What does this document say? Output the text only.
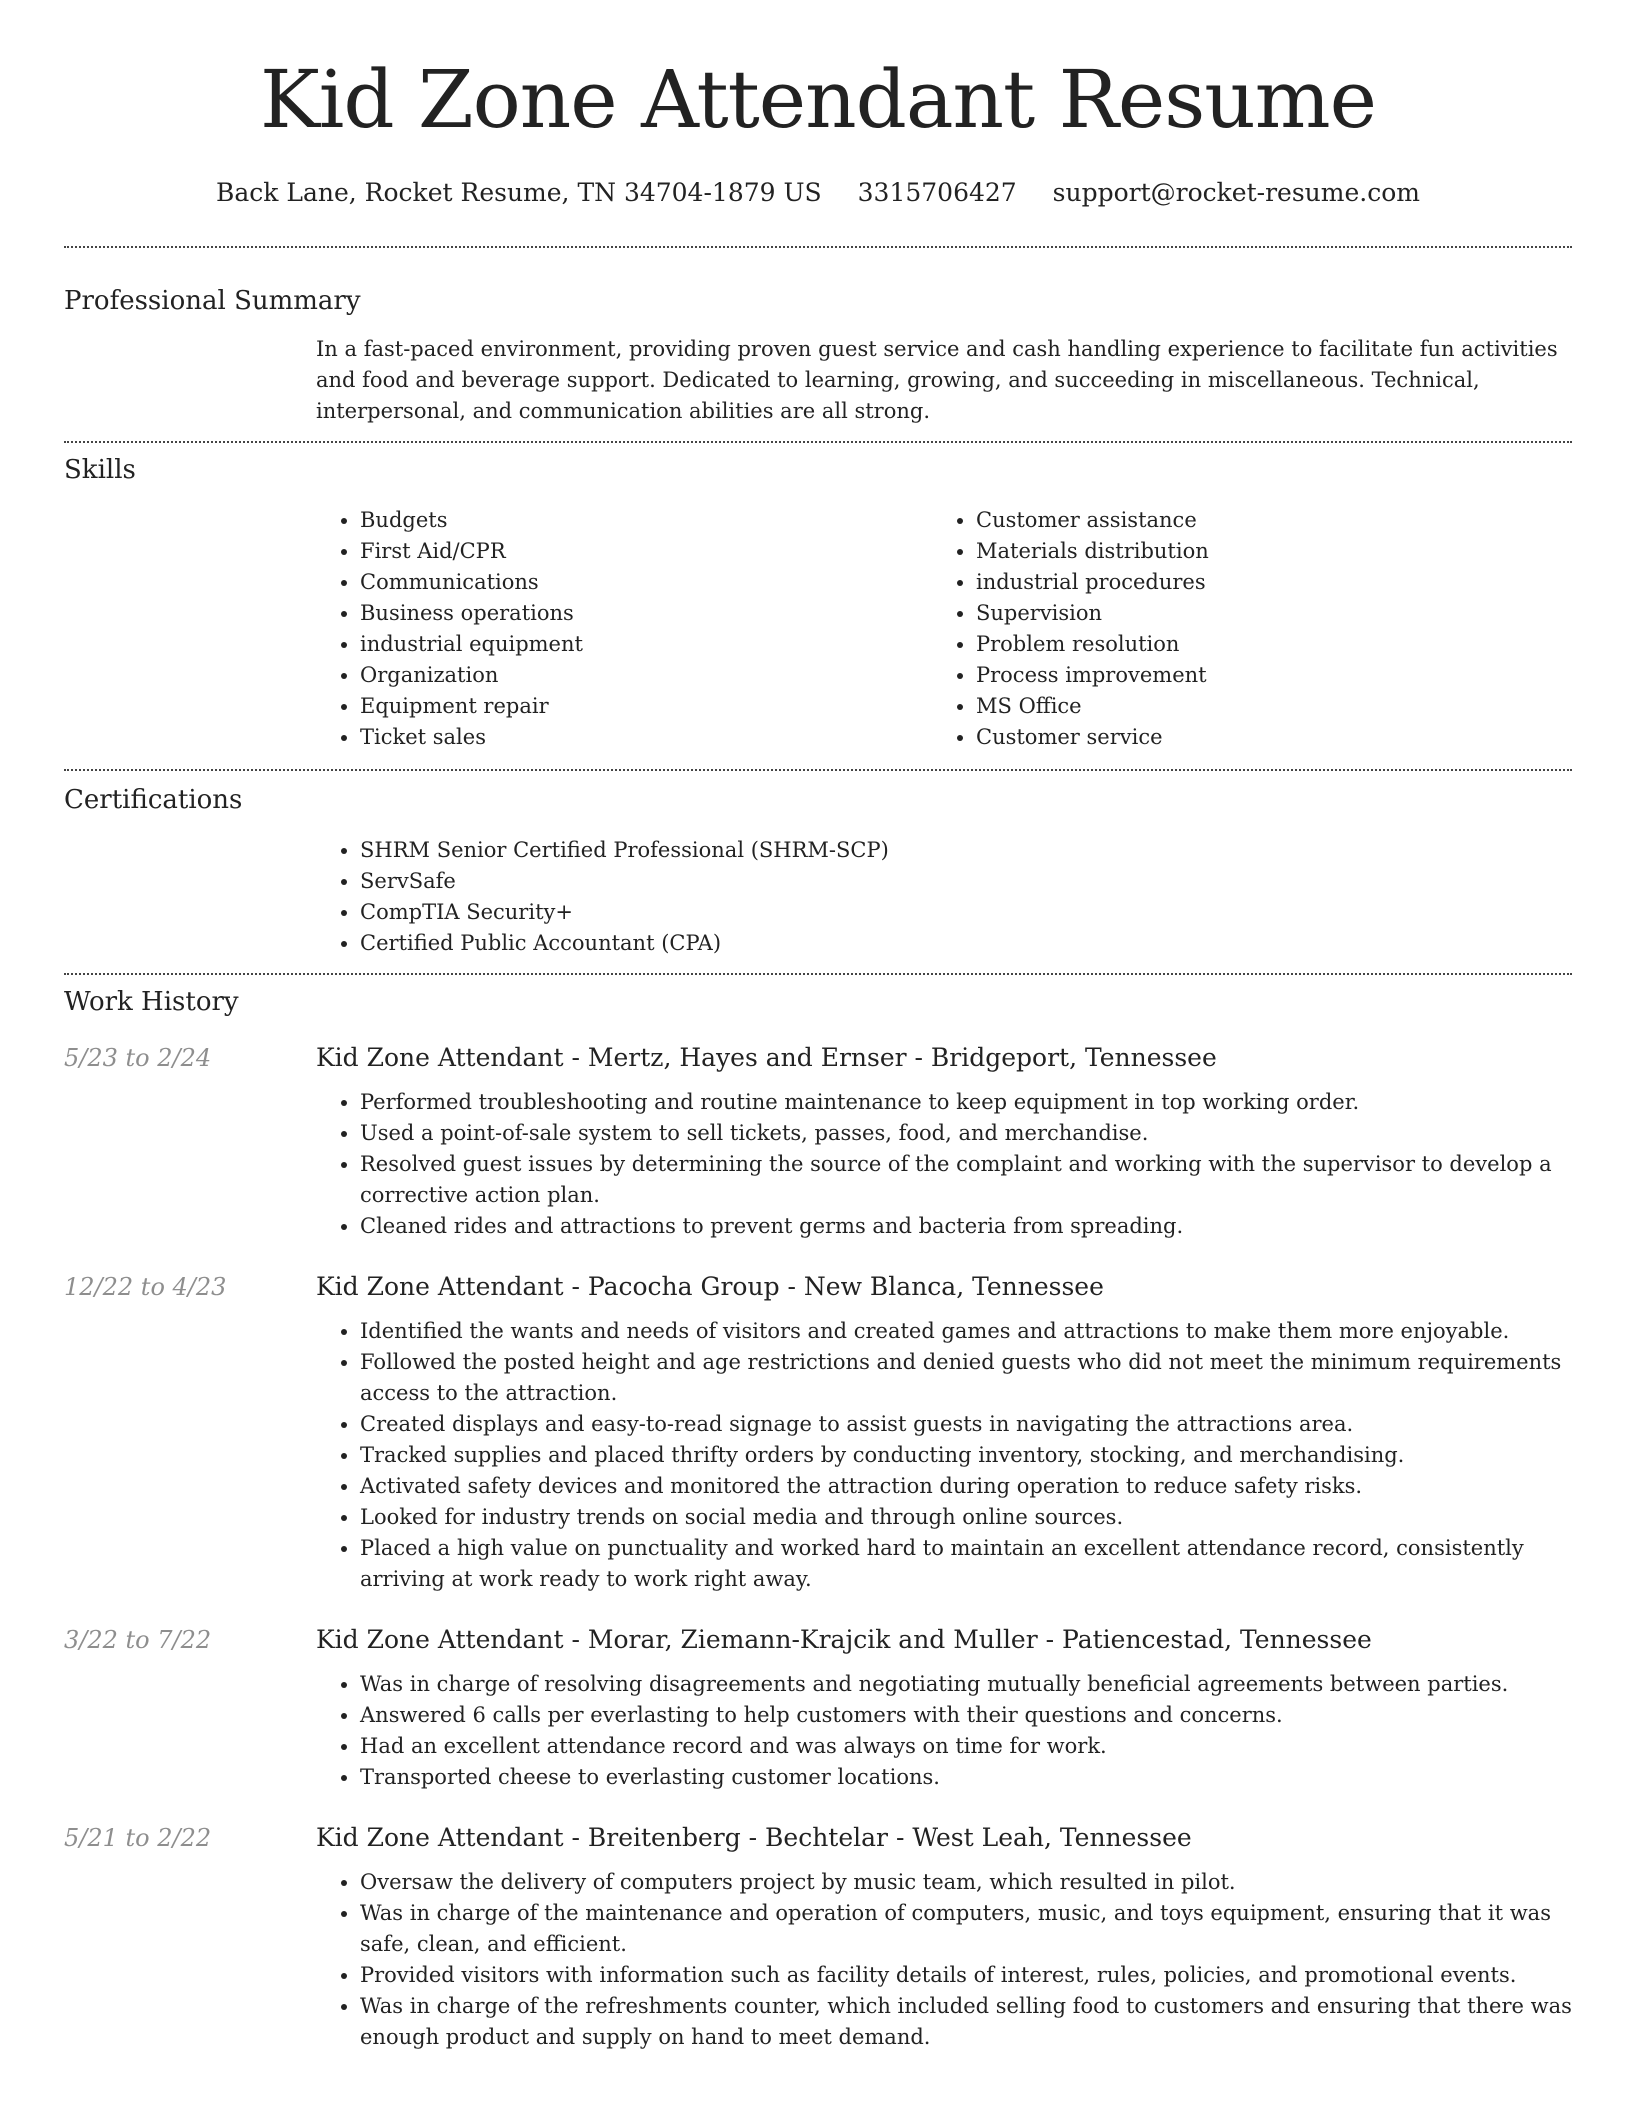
Kid Zone Attendant Resume
Back Lane, Rocket Resume, TN 34704-1879 US 3315706427 support@rocket-resume.com
Professional Summary

In a fast-paced environment, providing proven guest service and cash handling experience to facilitate fun activities and food and beverage support. Dedicated to learning, growing, and succeeding in miscellaneous. Technical, interpersonal, and communication abilities are all strong.

Skills
• Budgets
• First Aid/CPR
• Communications
• Business operations
• industrial equipment
• Organization
• Equipment repair
• Ticket sales
• Customer assistance
• Materials distribution
• industrial procedures
• Supervision
• Problem resolution
• Process improvement
• MS Office
• Customer service
Certifications
• SHRM Senior Certified Professional (SHRM-SCP)
• ServSafe
• CompTIA Security+
• Certified Public Accountant (CPA)
Work History
5/23 to 2/24	Kid Zone Attendant - Mertz, Hayes and Ernser - Bridgeport, Tennessee
• Performed troubleshooting and routine maintenance to keep equipment in top working order.
• Used a point-of-sale system to sell tickets, passes, food, and merchandise.
• Resolved guest issues by determining the source of the complaint and working with the supervisor to develop a corrective action plan.
• Cleaned rides and attractions to prevent germs and bacteria from spreading.
12/22 to 4/23	Kid Zone Attendant - Pacocha Group - New Blanca, Tennessee
• Identified the wants and needs of visitors and created games and attractions to make them more enjoyable.
• Followed the posted height and age restrictions and denied guests who did not meet the minimum requirements access to the attraction.
• Created displays and easy-to-read signage to assist guests in navigating the attractions area.
• Tracked supplies and placed thrifty orders by conducting inventory, stocking, and merchandising.
• Activated safety devices and monitored the attraction during operation to reduce safety risks.
• Looked for industry trends on social media and through online sources.
• Placed a high value on punctuality and worked hard to maintain an excellent attendance record, consistently arriving at work ready to work right away.
3/22 to 7/22	Kid Zone Attendant - Morar, Ziemann-Krajcik and Muller - Patiencestad, Tennessee
• Was in charge of resolving disagreements and negotiating mutually beneficial agreements between parties.
• Answered 6 calls per everlasting to help customers with their questions and concerns.
• Had an excellent attendance record and was always on time for work.
• Transported cheese to everlasting customer locations.
5/21 to 2/22	Kid Zone Attendant - Breitenberg - Bechtelar - West Leah, Tennessee
• Oversaw the delivery of computers project by music team, which resulted in pilot.
• Was in charge of the maintenance and operation of computers, music, and toys equipment, ensuring that it was safe, clean, and efficient.
• Provided visitors with information such as facility details of interest, rules, policies, and promotional events.
• Was in charge of the refreshments counter, which included selling food to customers and ensuring that there was enough product and supply on hand to meet demand.
